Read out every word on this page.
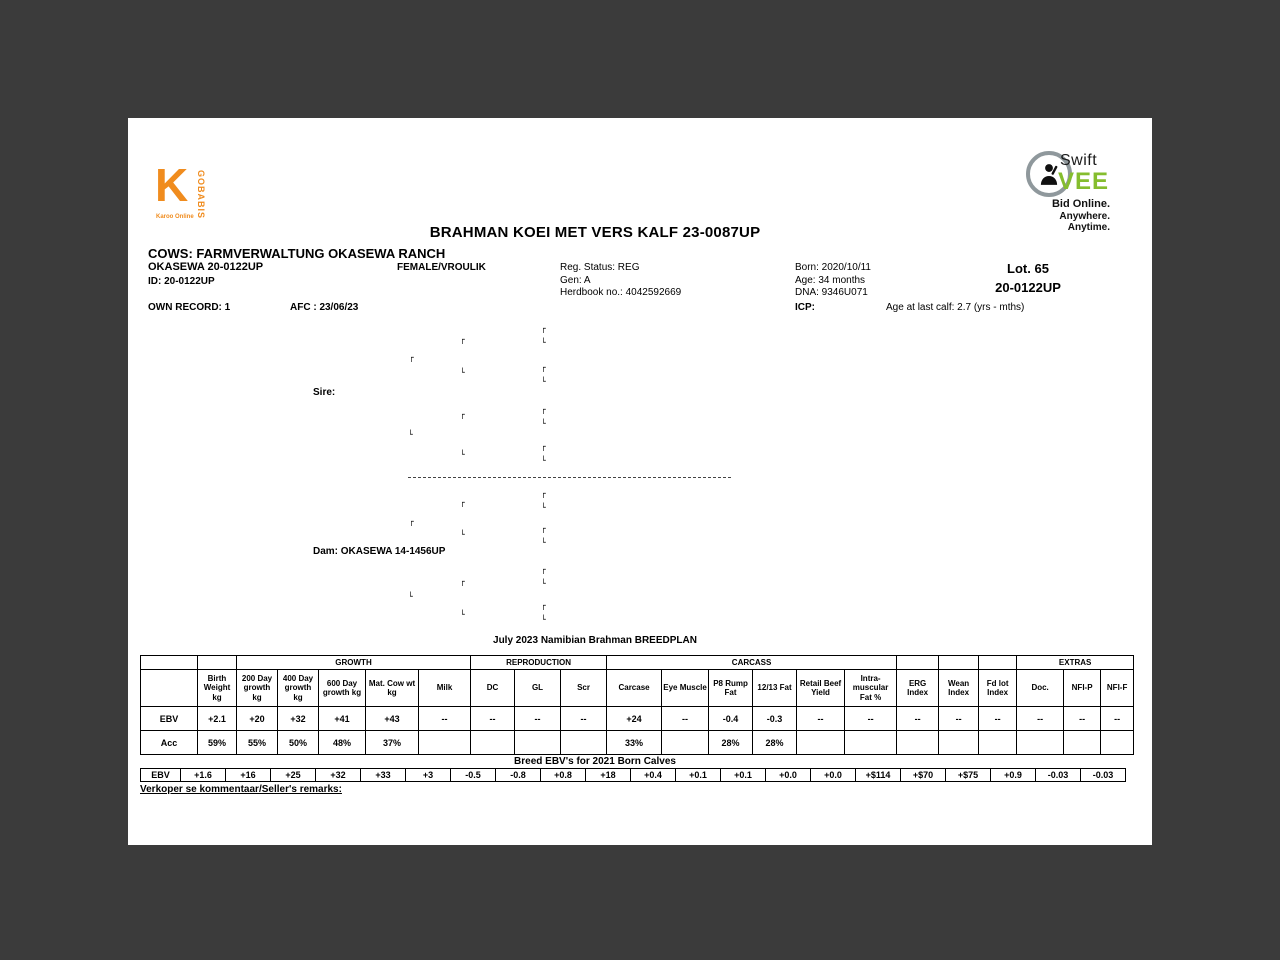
K
Karoo Online GOBABIS
Swift
VEE
Bid Online.
Anywhere.
Anytime.
BRAHMAN KOEI MET VERS KALF 23-0087UP
COWS: FARMVERWALTUNG OKASEWA RANCH
OKASEWA 20-0122UP	FEMALE/VROULIK	Reg. Status: REG	Born: 2020/10/11
ID: 20-0122UP	Gen: A	Age: 34 months
Herdbook no.: 4042592669	DNA: 9346U071
Lot. 65
20-0122UP
OWN RECORD: 1	AFC : 23/06/23	ICP:	Age at last calf: 2.7 (yrs - mths)
Sire:
Dam: OKASEWA 14-1456UP
┌
└
┌
└
┌
└
┌
└
┌
└
┌
└
┌
└
┌
└
┌
└
┌
└
┌
└
┌
└
┌
└
┌
└
July 2023 Namibian Brahman BREEDPLAN
		GROWTH					REPRODUCTION			CARCASS									EXTRAS		
	Birth Weight kg	200 Day growth kg	400 Day growth kg	600 Day growth kg	Mat. Cow wt kg	Milk	DC	GL	Scr	Carcase	Eye Muscle	P8 Rump Fat	12/13 Fat	Retail Beef Yield	Intra-muscular Fat %	ERG Index	Wean Index	Fd lot Index	Doc.	NFI-P	NFI-F
EBV	+2.1	+20	+32	+41	+43	--	--	--	--	+24	--	-0.4	-0.3	--	--	--	--	--	--	--	--
Acc	59%	55%	50%	48%	37%					33%		28%	28%								
Breed EBV's for 2021 Born Calves
EBV	+1.6	+16	+25	+32	+33	+3	-0.5	-0.8	+0.8	+18	+0.4	+0.1	+0.1	+0.0	+0.0	+$114	+$70	+$75	+0.9	-0.03	-0.03
Verkoper se kommentaar/Seller's remarks:
